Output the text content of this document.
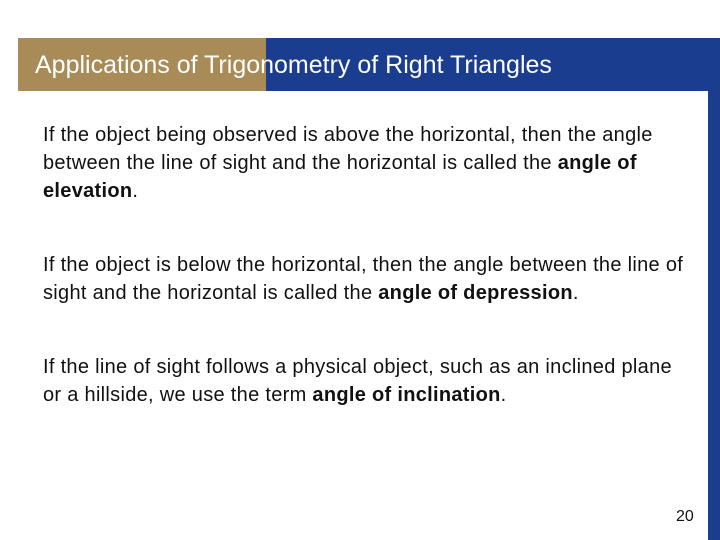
Applications of Trigonometry of Right Triangles

If the object being observed is above the horizontal, then the angle between the line of sight and the horizontal is called the angle of elevation.

If the object is below the horizontal, then the angle between the line of sight and the horizontal is called the angle of depression.

If the line of sight follows a physical object, such as an inclined plane or a hillside, we use the term angle of inclination.

20
